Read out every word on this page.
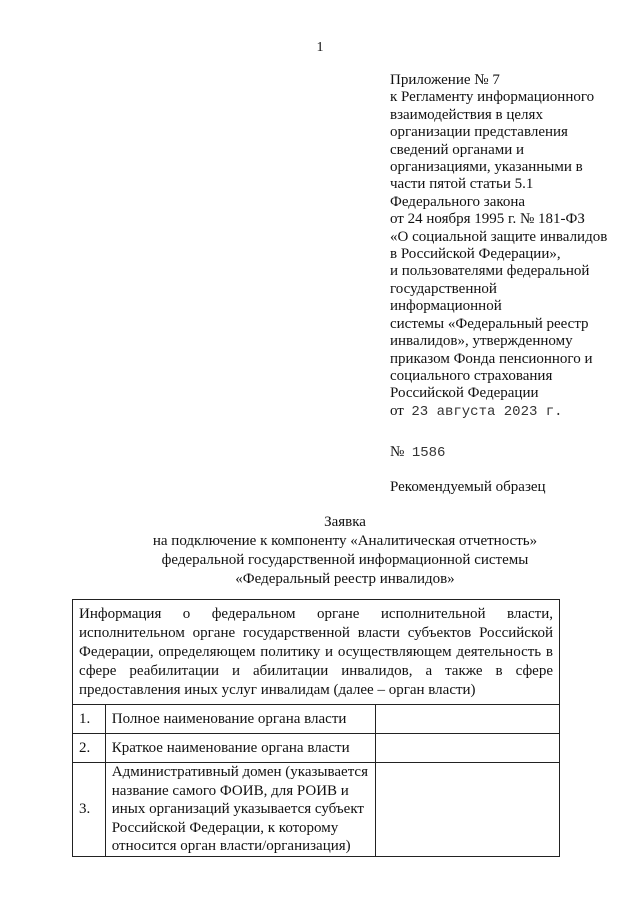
1
Приложение № 7
к Регламенту информационного
взаимодействия в целях
организации представления
сведений органами и
организациями, указанными в
части пятой статьи 5.1
Федерального закона
от 24 ноября 1995 г. № 181-ФЗ
«О социальной защите инвалидов
в Российской Федерации»,
и пользователями федеральной
государственной
информационной
системы «Федеральный реестр
инвалидов», утвержденному
приказом Фонда пенсионного и
социального страхования
Российской Федерации
от 23 августа 2023 г.
№ 1586
Рекомендуемый образец
Заявка
на подключение к компоненту «Аналитическая отчетность»
федеральной государственной информационной системы
«Федеральный реестр инвалидов»
Информация о федеральном органе исполнительной власти,
исполнительном органе государственной власти субъектов Российской
Федерации, определяющем политику и осуществляющем деятельность в
сфере реабилитации и абилитации инвалидов, а также в сфере
предоставления иных услуг инвалидам (далее – орган власти)		

1.	Полное наименование органа власти	
2.	Краткое наименование органа власти	
3.	Административный домен (указывается
название самого ФОИВ, для РОИВ и
иных организаций указывается субъект
Российской Федерации, к которому
относится орган власти/организация)	
